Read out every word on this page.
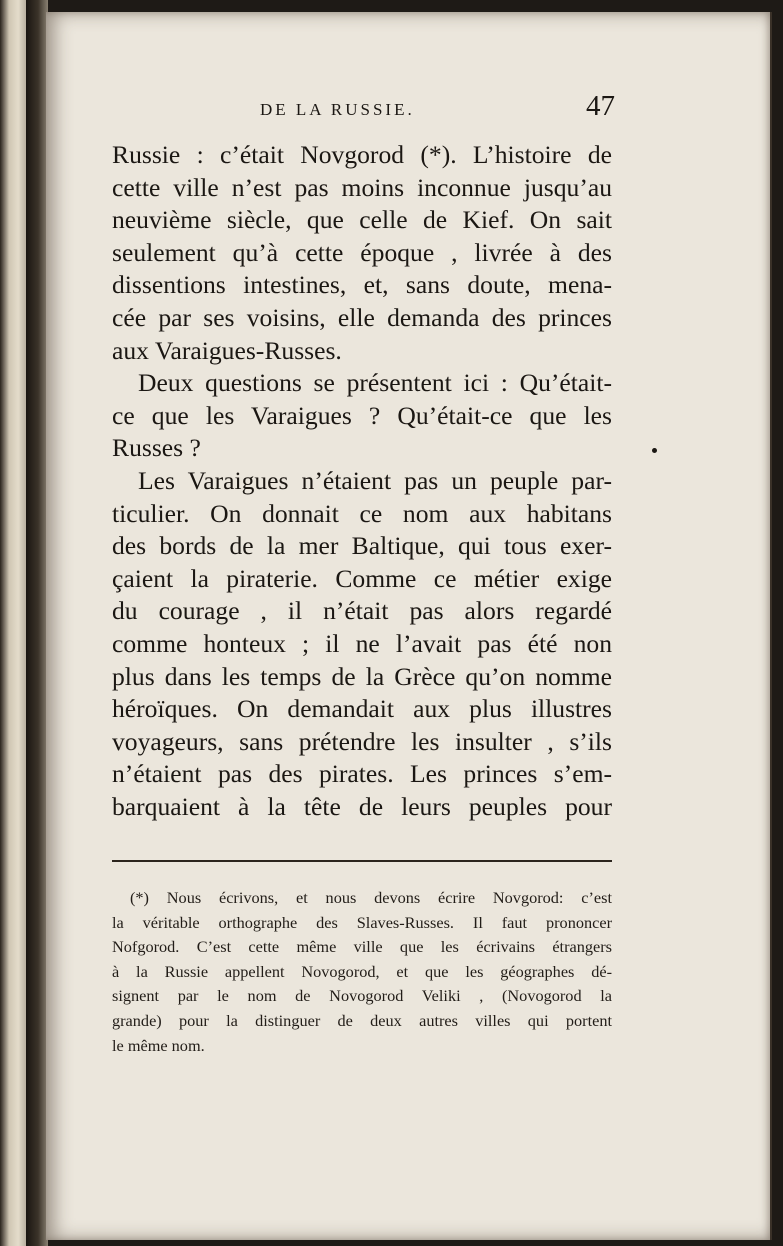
DE LA RUSSIE.	47
Russie : c’était Novgorod (*). L’histoire de
cette ville n’est pas moins inconnue jusqu’au
neuvième siècle, que celle de Kief. On sait
seulement qu’à cette époque , livrée à des
dissentions intestines, et, sans doute, mena-
cée par ses voisins, elle demanda des princes
aux Varaigues-Russes.
Deux questions se présentent ici : Qu’était-
ce que les Varaigues ? Qu’était-ce que les
Russes ?
Les Varaigues n’étaient pas un peuple par-
ticulier. On donnait ce nom aux habitans
des bords de la mer Baltique, qui tous exer-
çaient la piraterie. Comme ce métier exige
du courage , il n’était pas alors regardé
comme honteux ; il ne l’avait pas été non
plus dans les temps de la Grèce qu’on nomme
héroïques. On demandait aux plus illustres
voyageurs, sans prétendre les insulter , s’ils
n’étaient pas des pirates. Les princes s’em-
barquaient à la tête de leurs peuples pour
(*) Nous écrivons, et nous devons écrire Novgorod: c’est
la véritable orthographe des Slaves-Russes. Il faut prononcer
Nofgorod. C’est cette même ville que les écrivains étrangers
à la Russie appellent Novogorod, et que les géographes dé-
signent par le nom de Novogorod Veliki , (Novogorod la
grande) pour la distinguer de deux autres villes qui portent
le même nom.
